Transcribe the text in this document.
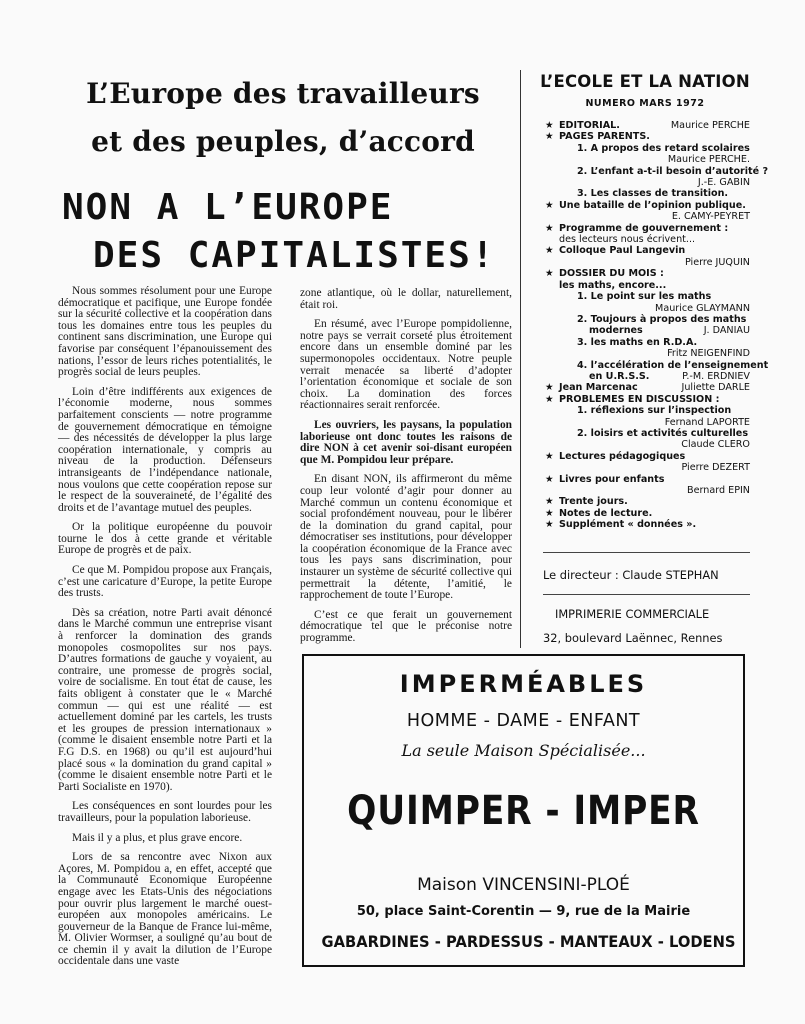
L’Europe des travailleurs
et des peuples, d’accord
NON A L’EUROPE
DES CAPITALISTES!

Nous sommes résolument pour une Europe démocratique et pacifique, une Europe fondée sur la sécurité collective et la coopération dans tous les domaines entre tous les peuples du continent sans discrimination, une Europe qui favorise par conséquent l’épanouissement des nations, l’essor de leurs riches potentialités, le progrès social de leurs peuples.

Loin d’être indifférents aux exigences de l’économie moderne, nous sommes parfaitement conscients — notre programme de gouvernement démocratique en témoigne — des nécessités de développer la plus large coopération internationale, y compris au niveau de la production. Défenseurs intransigeants de l’indépendance nationale, nous voulons que cette coopération repose sur le respect de la souveraineté, de l’égalité des droits et de l’avantage mutuel des peuples.

Or la politique européenne du pouvoir tourne le dos à cette grande et véritable Europe de progrès et de paix.

Ce que M. Pompidou propose aux Français, c’est une caricature d’Europe, la petite Europe des trusts.

Dès sa création, notre Parti avait dénoncé dans le Marché commun une entreprise visant à renforcer la domination des grands monopoles cosmopolites sur nos pays. D’autres formations de gauche y voyaient, au contraire, une promesse de progrès social, voire de socialisme. En tout état de cause, les faits obligent à constater que le « Marché commun — qui est une réalité — est actuellement dominé par les cartels, les trusts et les groupes de pression internationaux » (comme le disaient ensemble notre Parti et la F.G D.S. en 1968) ou qu’il est aujourd’hui placé sous « la domination du grand capital » (comme le disaient ensemble notre Parti et le Parti Socialiste en 1970).

Les conséquences en sont lourdes pour les travailleurs, pour la population laborieuse.

Mais il y a plus, et plus grave encore.

Lors de sa rencontre avec Nixon aux Açores, M. Pompidou a, en effet, accepté que la Communauté Economique Européenne engage avec les Etats-Unis des négociations pour ouvrir plus largement le marché ouest-européen aux monopoles américains. Le gouverneur de la Banque de France lui-même, M. Olivier Wormser, a souligné qu’au bout de ce chemin il y avait la dilution de l’Europe occidentale dans une vaste

zone atlantique, où le dollar, naturellement, était roi.

En résumé, avec l’Europe pompidolienne, notre pays se verrait corseté plus étroitement encore dans un ensemble dominé par les supermonopoles occidentaux. Notre peuple verrait menacée sa liberté d’adopter l’orientation économique et sociale de son choix. La domination des forces réactionnaires serait renforcée.

Les ouvriers, les paysans, la population laborieuse ont donc toutes les raisons de dire NON à cet avenir soi-disant européen que M. Pompidou leur prépare.

En disant NON, ils affirmeront du même coup leur volonté d’agir pour donner au Marché commun un contenu économique et social profondément nouveau, pour le libérer de la domination du grand capital, pour démocratiser ses institutions, pour développer la coopération économique de la France avec tous les pays sans discrimination, pour instaurer un système de sécurité collective qui permettrait la détente, l’amitié, le rapprochement de toute l’Europe.

C’est ce que ferait un gouvernement démocratique tel que le préconise notre programme.

L’ECOLE ET LA NATION
NUMERO MARS 1972
★ EDITORIAL.	Maurice PERCHE
★ PAGES PARENTS.
1. A propos des retard scolaires
Maurice PERCHE.
2. L’enfant a-t-il besoin d’autorité ?
J.-E. GABIN
3. Les classes de transition.
★ Une bataille de l’opinion publique.
E. CAMY-PEYRET
★ Programme de gouvernement :
des lecteurs nous écrivent...
★ Colloque Paul Langevin
Pierre JUQUIN
★ DOSSIER DU MOIS :
les maths, encore...
1. Le point sur les maths
Maurice GLAYMANN
2. Toujours à propos des maths
modernes	J. DANIAU
3. les maths en R.D.A.
Fritz NEIGENFIND
4. l’accélération de l’enseignement
en U.R.S.S.	P.-M. ERDNIEV
★ Jean Marcenac	Juliette DARLE
★ PROBLEMES EN DISCUSSION :
1. réflexions sur l’inspection
Fernand LAPORTE
2. loisirs et activités culturelles
Claude CLERO
★ Lectures pédagogiques
Pierre DEZERT
★ Livres pour enfants
Bernard EPIN
★ Trente jours.
★ Notes de lecture.
★ Supplément « données ».
Le directeur : Claude STEPHAN
IMPRIMERIE COMMERCIALE
32, boulevard Laënnec, Rennes
IMPERMÉABLES
HOMME - DAME - ENFANT
La seule Maison Spécialisée...
QUIMPER - IMPER
Maison VINCENSINI-PLOÉ
50, place Saint-Corentin — 9, rue de la Mairie
GABARDINES - PARDESSUS - MANTEAUX - LODENS
